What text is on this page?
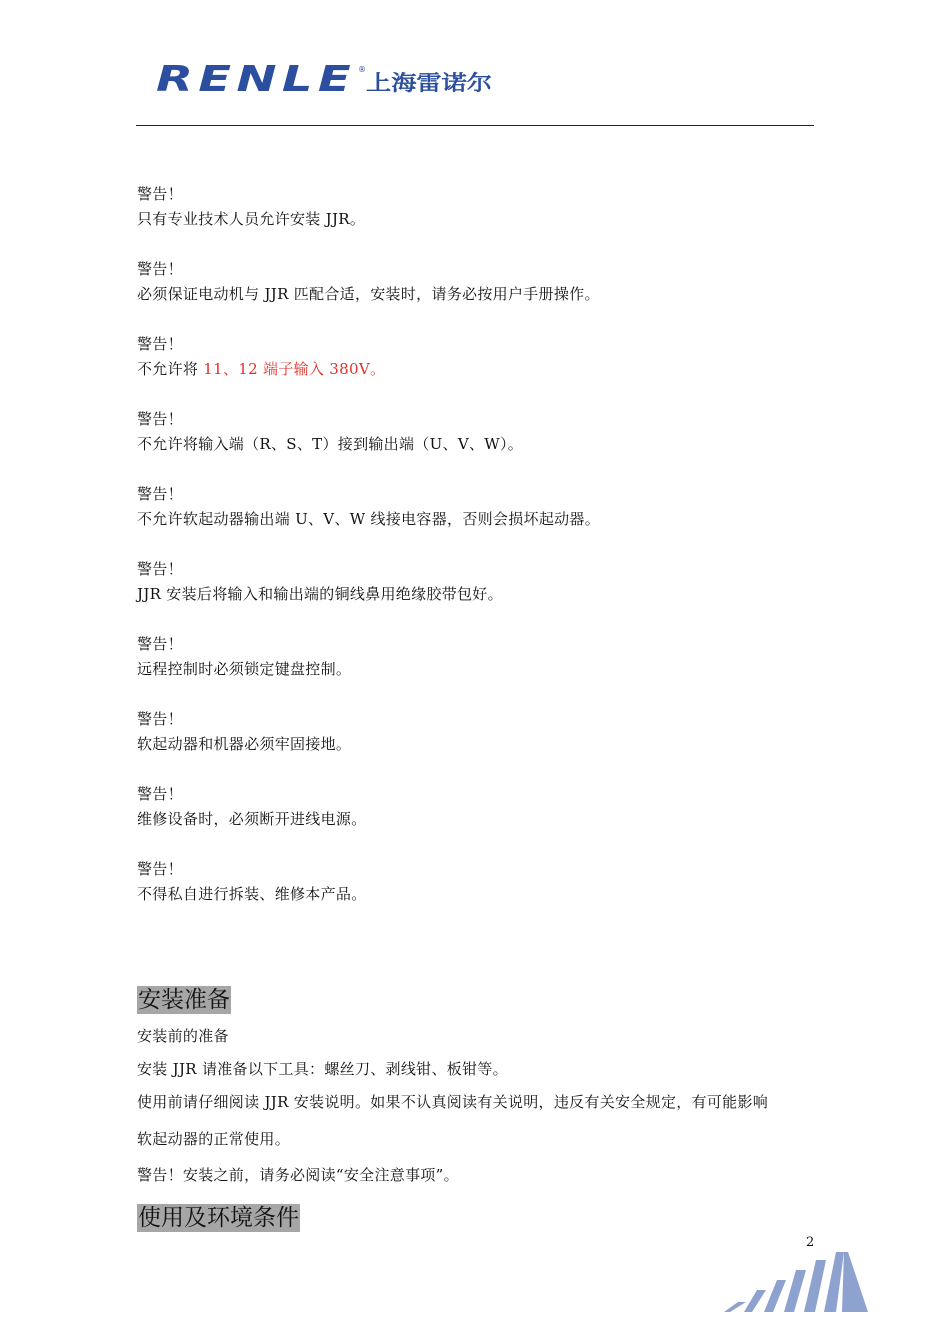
RENLE ®
上海雷诺尔

警告！

只有专业技术人员允许安装 JJR。

警告！

必须保证电动机与 JJR 匹配合适，安装时，请务必按用户手册操作。

警告！

不允许将 11、12 端子输入 380V。

警告！

不允许将输入端（R、S、T）接到输出端（U、V、W）。

警告！

不允许软起动器输出端 U、V、W 线接电容器，否则会损坏起动器。

警告！

JJR 安装后将输入和输出端的铜线鼻用绝缘胶带包好。

警告！

远程控制时必须锁定键盘控制。

警告！

软起动器和机器必须牢固接地。

警告！

维修设备时，必须断开进线电源。

警告！

不得私自进行拆装、维修本产品。

安装准备

安装前的准备

安装 JJR 请准备以下工具：螺丝刀、剥线钳、板钳等。

使用前请仔细阅读 JJR 安装说明。如果不认真阅读有关说明，违反有关安全规定，有可能影响

软起动器的正常使用。

警告！安装之前，请务必阅读“安全注意事项”。

使用及环境条件
2
